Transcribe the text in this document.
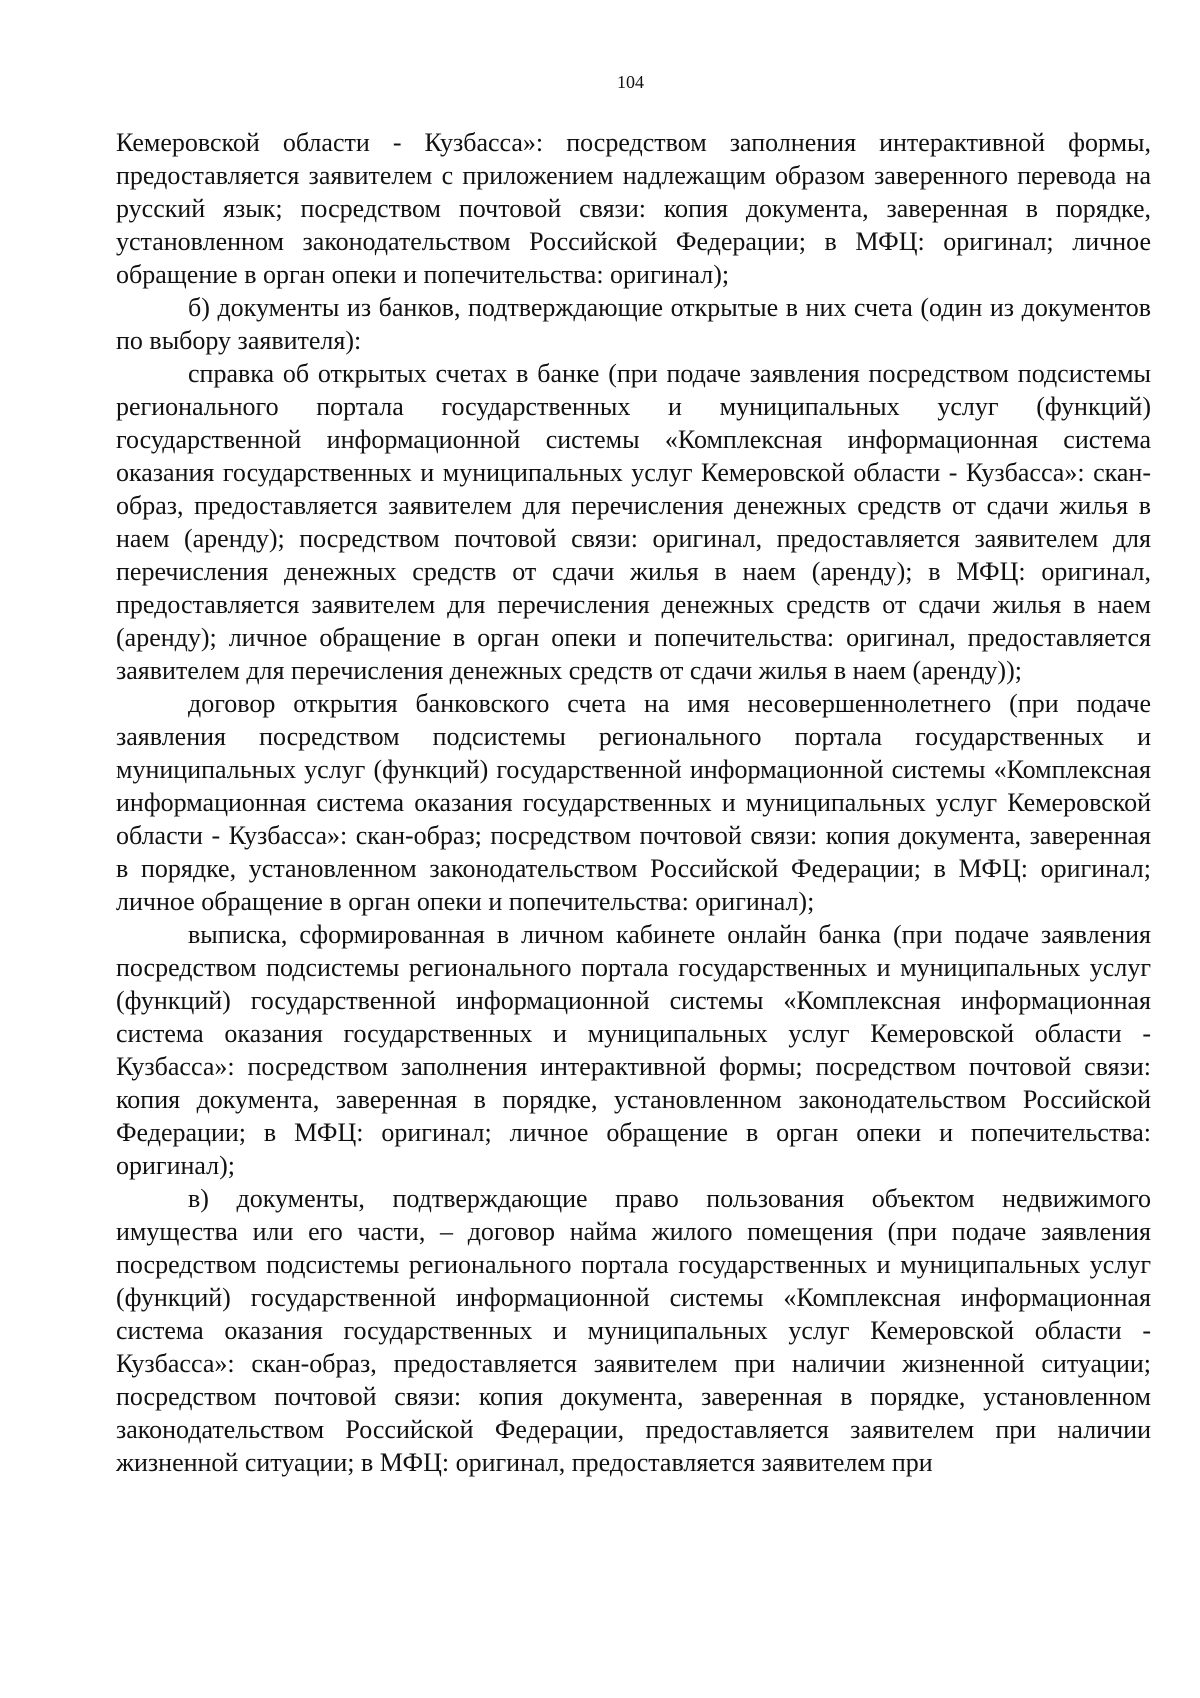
104

Кемеровской области - Кузбасса»: посредством заполнения интерактивной формы, предоставляется заявителем с приложением надлежащим образом заверенного перевода на русский язык; посредством почтовой связи: копия документа, заверенная в порядке, установленном законодательством Российской Федерации; в МФЦ: оригинал; личное обращение в орган опеки и попечительства: оригинал);

б) документы из банков, подтверждающие открытые в них счета (один из документов по выбору заявителя):

справка об открытых счетах в банке (при подаче заявления посредством подсистемы регионального портала государственных и муниципальных услуг (функций) государственной информационной системы «Комплексная информационная система оказания государственных и муниципальных услуг Кемеровской области - Кузбасса»: скан-образ, предоставляется заявителем для перечисления денежных средств от сдачи жилья в наем (аренду); посредством почтовой связи: оригинал, предоставляется заявителем для перечисления денежных средств от сдачи жилья в наем (аренду); в МФЦ: оригинал, предоставляется заявителем для перечисления денежных средств от сдачи жилья в наем (аренду); личное обращение в орган опеки и попечительства: оригинал, предоставляется заявителем для перечисления денежных средств от сдачи жилья в наем (аренду));

договор открытия банковского счета на имя несовершеннолетнего (при подаче заявления посредством подсистемы регионального портала государственных и муниципальных услуг (функций) государственной информационной системы «Комплексная информационная система оказания государственных и муниципальных услуг Кемеровской области - Кузбасса»: скан-образ; посредством почтовой связи: копия документа, заверенная в порядке, установленном законодательством Российской Федерации; в МФЦ: оригинал; личное обращение в орган опеки и попечительства: оригинал);

выписка, сформированная в личном кабинете онлайн банка (при подаче заявления посредством подсистемы регионального портала государственных и муниципальных услуг (функций) государственной информационной системы «Комплексная информационная система оказания государственных и муниципальных услуг Кемеровской области - Кузбасса»: посредством заполнения интерактивной формы; посредством почтовой связи: копия документа, заверенная в порядке, установленном законодательством Российской Федерации; в МФЦ: оригинал; личное обращение в орган опеки и попечительства: оригинал);

в) документы, подтверждающие право пользования объектом недвижимого имущества или его части, – договор найма жилого помещения (при подаче заявления посредством подсистемы регионального портала государственных и муниципальных услуг (функций) государственной информационной системы «Комплексная информационная система оказания государственных и муниципальных услуг Кемеровской области - Кузбасса»: скан-образ, предоставляется заявителем при наличии жизненной ситуации; посредством почтовой связи: копия документа, заверенная в порядке, установленном законодательством Российской Федерации, предоставляется заявителем при наличии жизненной ситуации; в МФЦ: оригинал, предоставляется заявителем при
